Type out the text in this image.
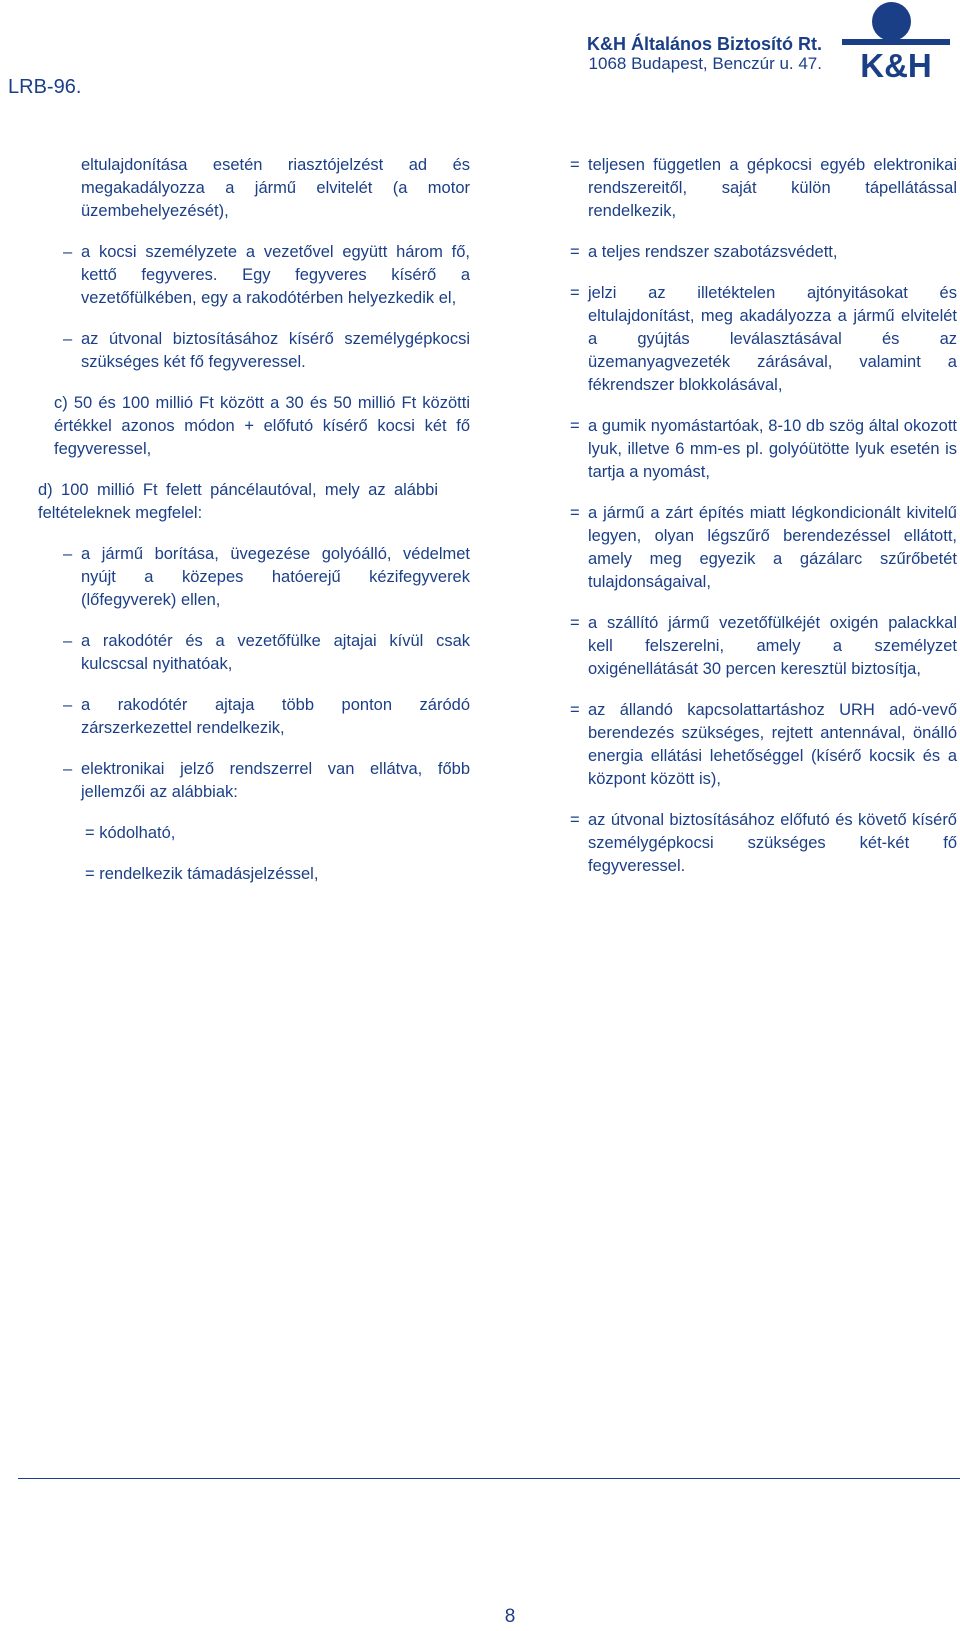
LRB-96.
K&H Általános Biztosító Rt.
1068 Budapest, Benczúr u. 47.	K&H
eltulajdonítása esetén riasztójelzést ad és megakadályozza a jármű elvitelét (a motor üzembehelyezését),
– a kocsi személyzete a vezetővel együtt három fő, kettő fegyveres. Egy fegyveres kísérő a vezetőfülkében, egy a rakodótérben helyezkedik el,
– az útvonal biztosításához kísérő személygépkocsi szükséges két fő fegyveressel.
c) 50 és 100 millió Ft között a 30 és 50 millió Ft közötti értékkel azonos módon + előfutó kísérő kocsi két fő fegyveressel,
d) 100 millió Ft felett páncélautóval, mely az alábbi feltételeknek megfelel:
– a jármű borítása, üvegezése golyóálló, védelmet nyújt a közepes hatóerejű kézifegyverek (lőfegyverek) ellen,
– a rakodótér és a vezetőfülke ajtajai kívül csak kulcscsal nyithatóak,
– a rakodótér ajtaja több ponton záródó zárszerkezettel rendelkezik,
– elektronikai jelző rendszerrel van ellátva, főbb jellemzői az alábbiak:
= kódolható,
= rendelkezik támadásjelzéssel,
= teljesen független a gépkocsi egyéb elektronikai rendszereitől, saját külön tápellátással rendelkezik,
= a teljes rendszer szabotázsvédett,
= jelzi az illetéktelen ajtónyitásokat és eltulajdonítást, meg akadályozza a jármű elvitelét a gyújtás leválasztásával és az üzemanyagvezeték zárásával, valamint a fékrendszer blokkolásával,
= a gumik nyomástartóak, 8-10 db szög által okozott lyuk, illetve 6 mm-es pl. golyóütötte lyuk esetén is tartja a nyomást,
= a jármű a zárt építés miatt légkondicionált kivitelű legyen, olyan légszűrő berendezéssel ellátott, amely meg egyezik a gázálarc szűrőbetét tulajdonságaival,
= a szállító jármű vezetőfülkéjét oxigén palackkal kell felszerelni, amely a személyzet oxigénellátását 30 percen keresztül biztosítja,
= az állandó kapcsolattartáshoz URH adó-vevő berendezés szükséges, rejtett antennával, önálló energia ellátási lehetőséggel (kísérő kocsik és a központ között is),
= az útvonal biztosításához előfutó és követő kísérő személygépkocsi szükséges két-két fő fegyveressel.
8
